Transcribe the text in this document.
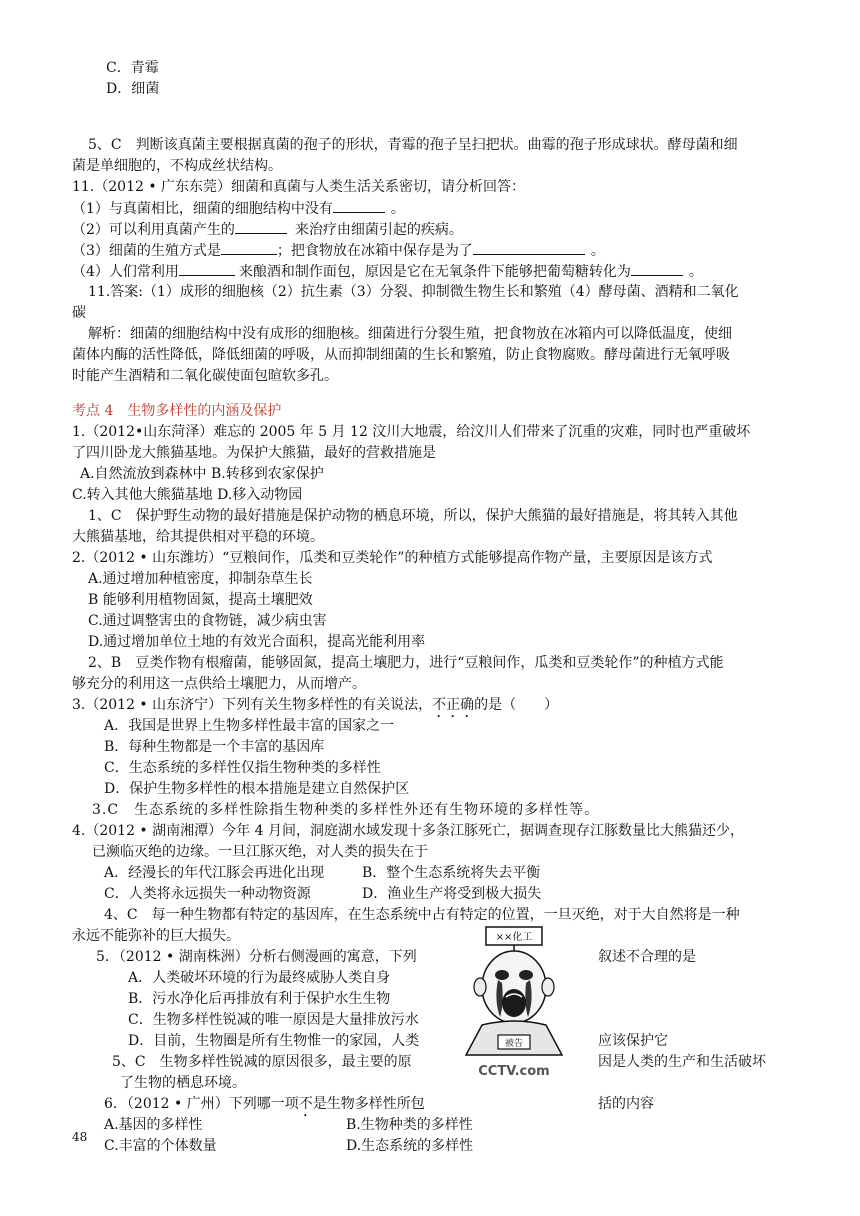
C．青霉
D．细菌
5、C　判断该真菌主要根据真菌的孢子的形状，青霉的孢子呈扫把状。曲霉的孢子形成球状。酵母菌和细
菌是单细胞的，不构成丝状结构。
11.（2012 • 广东东莞）细菌和真菌与人类生活关系密切，请分析回答：
（1）与真菌相比，细菌的细胞结构中没有	。
（2）可以利用真菌产生的	来治疗由细菌引起的疾病。
（3）细菌的生殖方式是	；把食物放在冰箱中保存是为了	。
（4）人们常利用	来酿酒和制作面包，原因是它在无氧条件下能够把葡萄糖转化为	。
11.答案:（1）成形的细胞核（2）抗生素（3）分裂、抑制微生物生长和繁殖（4）酵母菌、酒精和二氧化
碳
解析：细菌的细胞结构中没有成形的细胞核。细菌进行分裂生殖，把食物放在冰箱内可以降低温度，使细
菌体内酶的活性降低，降低细菌的呼吸，从而抑制细菌的生长和繁殖，防止食物腐败。酵母菌进行无氧呼吸
时能产生酒精和二氧化碳使面包暄软多孔。
考点 4　生物多样性的内涵及保护
1.（2012•山东菏泽）难忘的 2005 年 5 月 12 汶川大地震，给汶川人们带来了沉重的灾难，同时也严重破坏
了四川卧龙大熊猫基地。为保护大熊猫，最好的营救措施是
A.自然流放到森林中 B.转移到农家保护
C.转入其他大熊猫基地 D.移入动物园
1、C　保护野生动物的最好措施是保护动物的栖息环境，所以，保护大熊猫的最好措施是，将其转入其他
大熊猫基地，给其提供相对平稳的环境。
2.（2012 • 山东潍坊）“豆粮间作，瓜类和豆类轮作”的种植方式能够提高作物产量，主要原因是该方式
A.通过增加种植密度，抑制杂草生长
B 能够利用植物固氮，提高土壤肥效
C.通过调整害虫的食物链，减少病虫害
D.通过增加单位土地的有效光合面积，提高光能利用率
2、B　豆类作物有根瘤菌，能够固氮，提高土壤肥力，进行“豆粮间作，瓜类和豆类轮作”的种植方式能
够充分的利用这一点供给土壤肥力，从而增产。
3.（2012 • 山东济宁）下列有关生物多样性的有关说法，不正确的是（　　）
A．我国是世界上生物多样性最丰富的国家之一
B．每种生物都是一个丰富的基因库
C．生态系统的多样性仅指生物种类的多样性
D．保护生物多样性的根本措施是建立自然保护区
3.C　生态系统的多样性除指生物种类的多样性外还有生物环境的多样性等。
4.（2012 • 湖南湘潭）今年 4 月间，洞庭湖水域发现十多条江豚死亡，据调查现存江豚数量比大熊猫还少，
已濒临灭绝的边缘。一旦江豚灭绝，对人类的损失在于
A．经漫长的年代江豚会再进化出现	B．整个生态系统将失去平衡
C．人类将永远损失一种动物资源	D．渔业生产将受到极大损失
4、C　每一种生物都有特定的基因库，在生态系统中占有特定的位置，一旦灭绝，对于大自然将是一种
永远不能弥补的巨大损失。
5．（2012 • 湖南株洲）分析右侧漫画的寓意，下列	叙述不合理的是
A．人类破坏环境的行为最终威胁人类自身
B．污水净化后再排放有利于保护水生生物
C．生物多样性锐减的唯一原因是大量排放污水
D．目前，生物圈是所有生物惟一的家园，人类	应该保护它
5、C　生物多样性锐减的原因很多，最主要的原	因是人类的生产和生活破坏
了生物的栖息环境。
6．（2012 • 广州）下列哪一项不是生物多样性所包	括的内容
A.基因的多样性	B.生物种类的多样性
C.丰富的个体数量	D.生态系统的多样性
××化工
被告
CCTV.com
48
